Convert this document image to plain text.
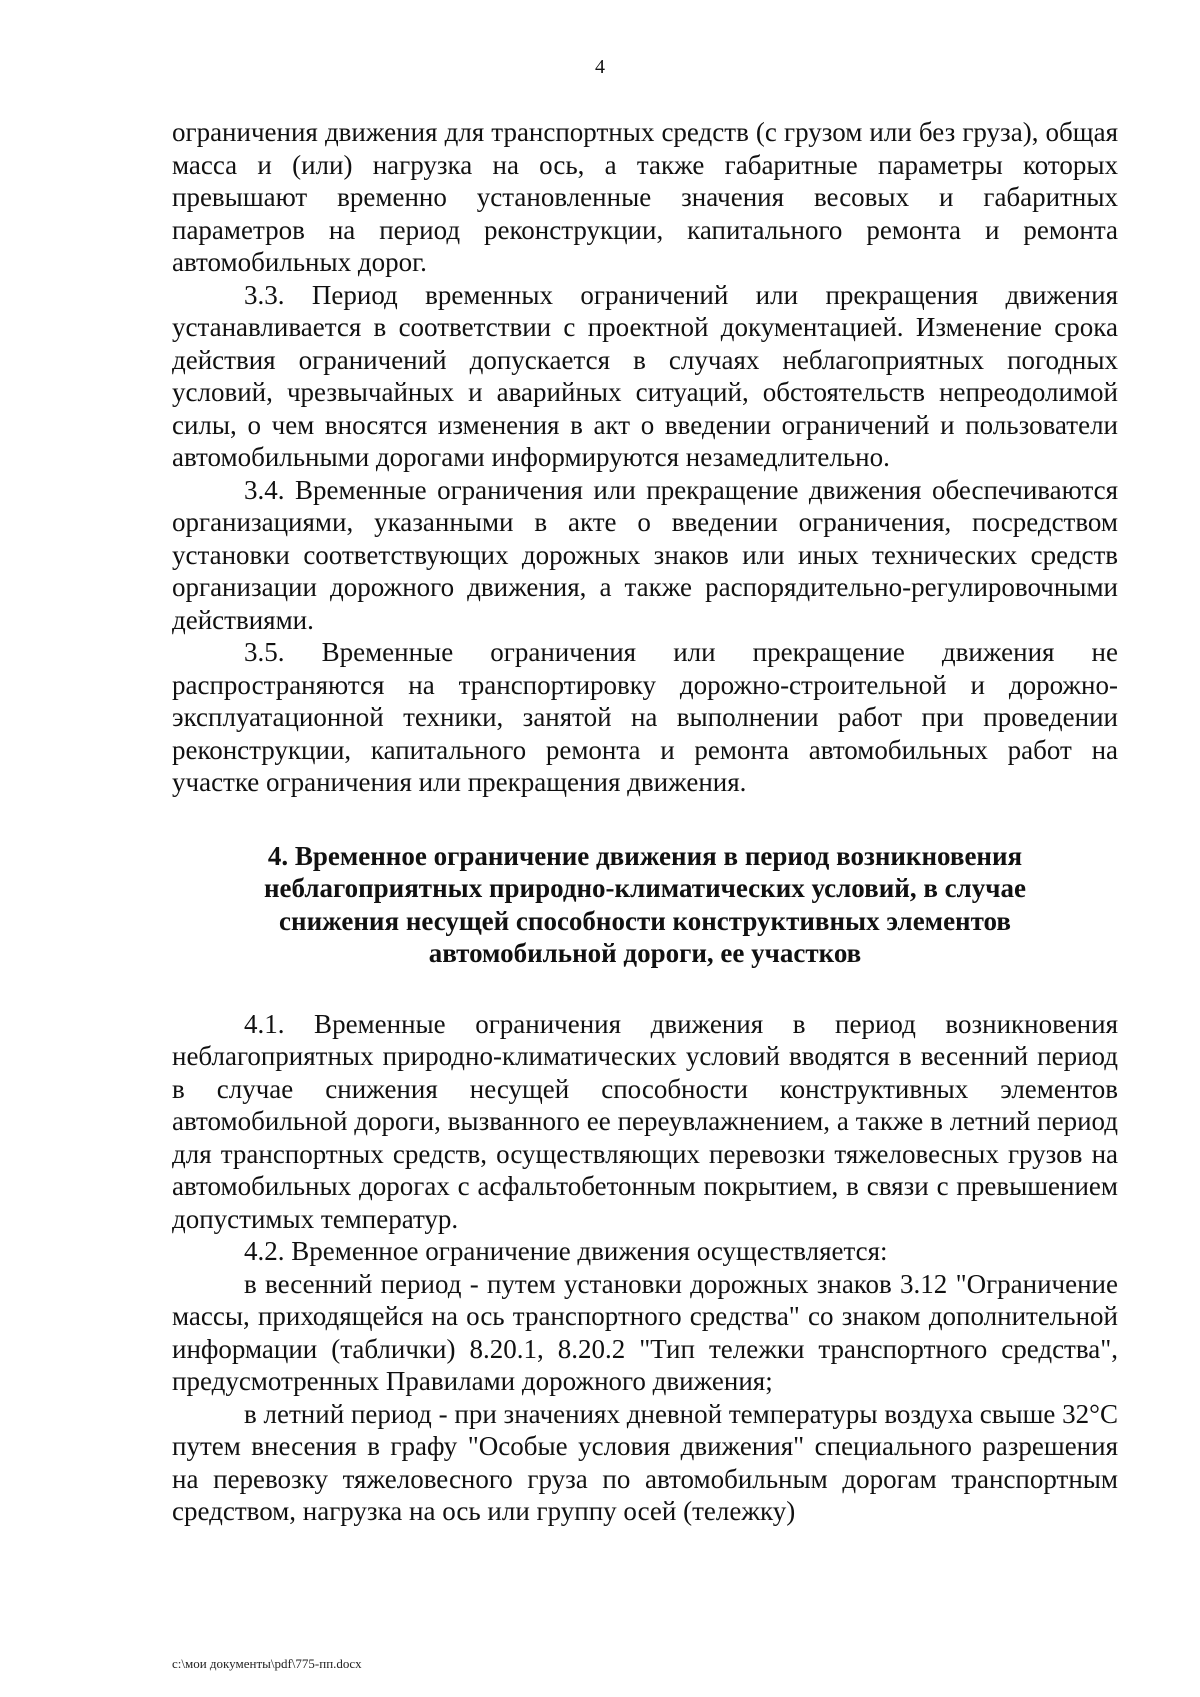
4

ограничения движения для транспортных средств (с грузом или без груза), общая масса и (или) нагрузка на ось, а также габаритные параметры которых превышают временно установленные значения весовых и габаритных параметров на период реконструкции, капитального ремонта и ремонта автомобильных дорог.

3.3. Период временных ограничений или прекращения движения устанавливается в соответствии с проектной документацией. Изменение срока действия ограничений допускается в случаях неблагоприятных погодных условий, чрезвычайных и аварийных ситуаций, обстоятельств непреодолимой силы, о чем вносятся изменения в акт о введении ограничений и пользователи автомобильными дорогами информируются незамедлительно.

3.4. Временные ограничения или прекращение движения обеспечиваются организациями, указанными в акте о введении ограничения, посредством установки соответствующих дорожных знаков или иных технических средств организации дорожного движения, а также распорядительно-регулировочными действиями.

3.5. Временные ограничения или прекращение движения не распространяются на транспортировку дорожно-строительной и дорожно-эксплуатационной техники, занятой на выполнении работ при проведении реконструкции, капитального ремонта и ремонта автомобильных работ на участке ограничения или прекращения движения.

4. Временное ограничение движения в период возникновения неблагоприятных природно-климатических условий, в случае снижения несущей способности конструктивных элементов автомобильной дороги, ее участков

4.1. Временные ограничения движения в период возникновения неблагоприятных природно-климатических условий вводятся в весенний период в случае снижения несущей способности конструктивных элементов автомобильной дороги, вызванного ее переувлажнением, а также в летний период для транспортных средств, осуществляющих перевозки тяжеловесных грузов на автомобильных дорогах с асфальтобетонным покрытием, в связи с превышением допустимых температур.

4.2. Временное ограничение движения осуществляется:

в весенний период - путем установки дорожных знаков 3.12 "Ограничение массы, приходящейся на ось транспортного средства" со знаком дополнительной информации (таблички) 8.20.1, 8.20.2 "Тип тележки транспортного средства", предусмотренных Правилами дорожного движения;

в летний период - при значениях дневной температуры воздуха свыше 32°С путем внесения в графу "Особые условия движения" специального разрешения на перевозку тяжеловесного груза по автомобильным дорогам транспортным средством, нагрузка на ось или группу осей (тележку)

c:\мои документы\pdf\775-пп.docx
